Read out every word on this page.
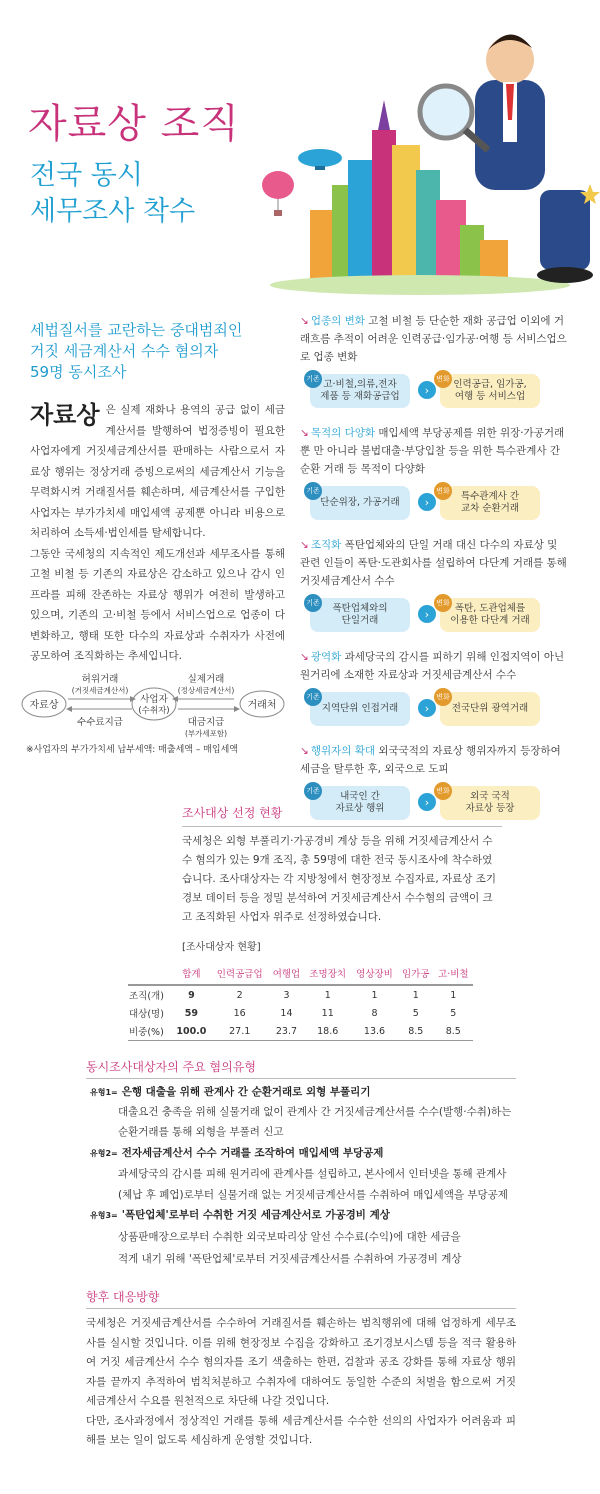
자료상 조직
전국 동시
세무조사 착수
세법질서를 교란하는 중대범죄인
거짓 세금계산서 수수 혐의자
59명 동시조사
자료상 은 실제 재화나 용역의 공급 없이 세금계산서를 발행하여 법정증빙이 필요한 사업자에게 거짓세금계산서를 판매하는 사람으로서 자료상 행위는 정상거래 증빙으로써의 세금계산서 기능을 무력화시켜 거래질서를 훼손하며, 세금계산서를 구입한 사업자는 부가가치세 매입세액 공제뿐 아니라 비용으로 처리하여 소득세·법인세를 탈세합니다.
그동안 국세청의 지속적인 제도개선과 세무조사를 통해 고철 비철 등 기존의 자료상은 감소하고 있으나 감시 인프라를 피해 잔존하는 자료상 행위가 여전히 발생하고 있으며, 기존의 고·비철 등에서 서비스업으로 업종이 다변화하고, 행태 또한 다수의 자료상과 수취자가 사전에 공모하여 조직화하는 추세입니다.
자료상
사업자
(수취자)	거래처
허위거래
(거짓세금계산서)
수수료지급
실제거래
(정상세금계산서)
대금지급
(부가세포함)
※사업자의 부가가치세 납부세액: 매출세액 – 매입세액
↘ 업종의 변화 고철 비철 등 단순한 재화 공급업 이외에 거래흐름 추적이 어려운 인력공급·임가공·여행 등 서비스업으로 업종 변화
기존 고·비철,의류,전자
제품 등 재화공급업	›
변화 인력공급, 임가공,
여행 등 서비스업
↘ 목적의 다양화 매입세액 부당공제를 위한 위장·가공거래 뿐 만 아니라 불법대출·부당입찰 등을 위한 특수관계사 간 순환 거래 등 목적이 다양화
기존
단순위장, 가공거래	›
변화 특수관계사 간
교차 순환거래
↘ 조직화 폭탄업체와의 단일 거래 대신 다수의 자료상 및 관련 인들이 폭탄·도관회사를 설립하여 다단계 거래를 통해 거짓세금계산서 수수
기존 폭탄업체와의
단일거래	›
변화 폭탄, 도관업체를
이용한 다단계 거래
↘ 광역화 과세당국의 감시를 피하기 위해 인접지역이 아닌 원거리에 소재한 자료상과 거짓세금계산서 수수
기존
지역단위 인접거래	›
변화
전국단위 광역거래
↘ 행위자의 확대 외국국적의 자료상 행위자까지 등장하여 세금을 탈루한 후, 외국으로 도피
기존	내국인 간
자료상 행위	›
변화	외국 국적
자료상 등장
조사대상 선정 현황
국세청은 외형 부풀리기·가공경비 계상 등을 위해 거짓세금계산서 수수 혐의가 있는 9개 조직, 총 59명에 대한 전국 동시조사에 착수하였습니다. 조사대상자는 각 지방청에서 현장정보 수집자료, 자료상 조기경보 데이터 등을 정밀 분석하여 거짓세금계산서 수수혐의 금액이 크고 조직화된 사업자 위주로 선정하였습니다.
[조사대상자 현황]
	합계	인력공급업	여행업	조명장치	영상장비	임가공	고·비철
조직(개)	9	2	3	1	1	1	1
대상(명)	59	16	14	11	8	5	5
비중(%)	100.0	27.1	23.7	18.6	13.6	8.5	8.5
동시조사대상자의 주요 혐의유형
유형1= 은행 대출을 위해 관계사 간 순환거래로 외형 부풀리기
대출요건 충족을 위해 실물거래 없이 관계사 간 거짓세금계산서를 수수(발행·수취)하는
순환거래를 통해 외형을 부풀려 신고
유형2= 전자세금계산서 수수 거래를 조작하여 매입세액 부당공제
과세당국의 감시를 피해 원거리에 관계사를 설립하고, 본사에서 인터넷을 통해 관계사
(체납 후 폐업)로부터 실물거래 없는 거짓세금계산서를 수취하여 매입세액을 부당공제
유형3= '폭탄업체'로부터 수취한 거짓 세금계산서로 가공경비 계상
상품판매장으로부터 수취한 외국보따리상 알선 수수료(수익)에 대한 세금을
적게 내기 위해 '폭탄업체'로부터 거짓세금계산서를 수취하여 가공경비 계상
향후 대응방향
국세청은 거짓세금계산서를 수수하여 거래질서를 훼손하는 범칙행위에 대해 엄정하게 세무조사를 실시할 것입니다. 이를 위해 현장정보 수집을 강화하고 조기경보시스템 등을 적극 활용하여 거짓 세금계산서 수수 혐의자를 조기 색출하는 한편, 검찰과 공조 강화를 통해 자료상 행위자를 끝까지 추적하여 범칙처분하고 수취자에 대하여도 동일한 수준의 처벌을 함으로써 거짓 세금계산서 수요를 원천적으로 차단해 나갈 것입니다.
다만, 조사과정에서 정상적인 거래를 통해 세금계산서를 수수한 선의의 사업자가 어려움과 피해를 보는 일이 없도록 세심하게 운영할 것입니다.
